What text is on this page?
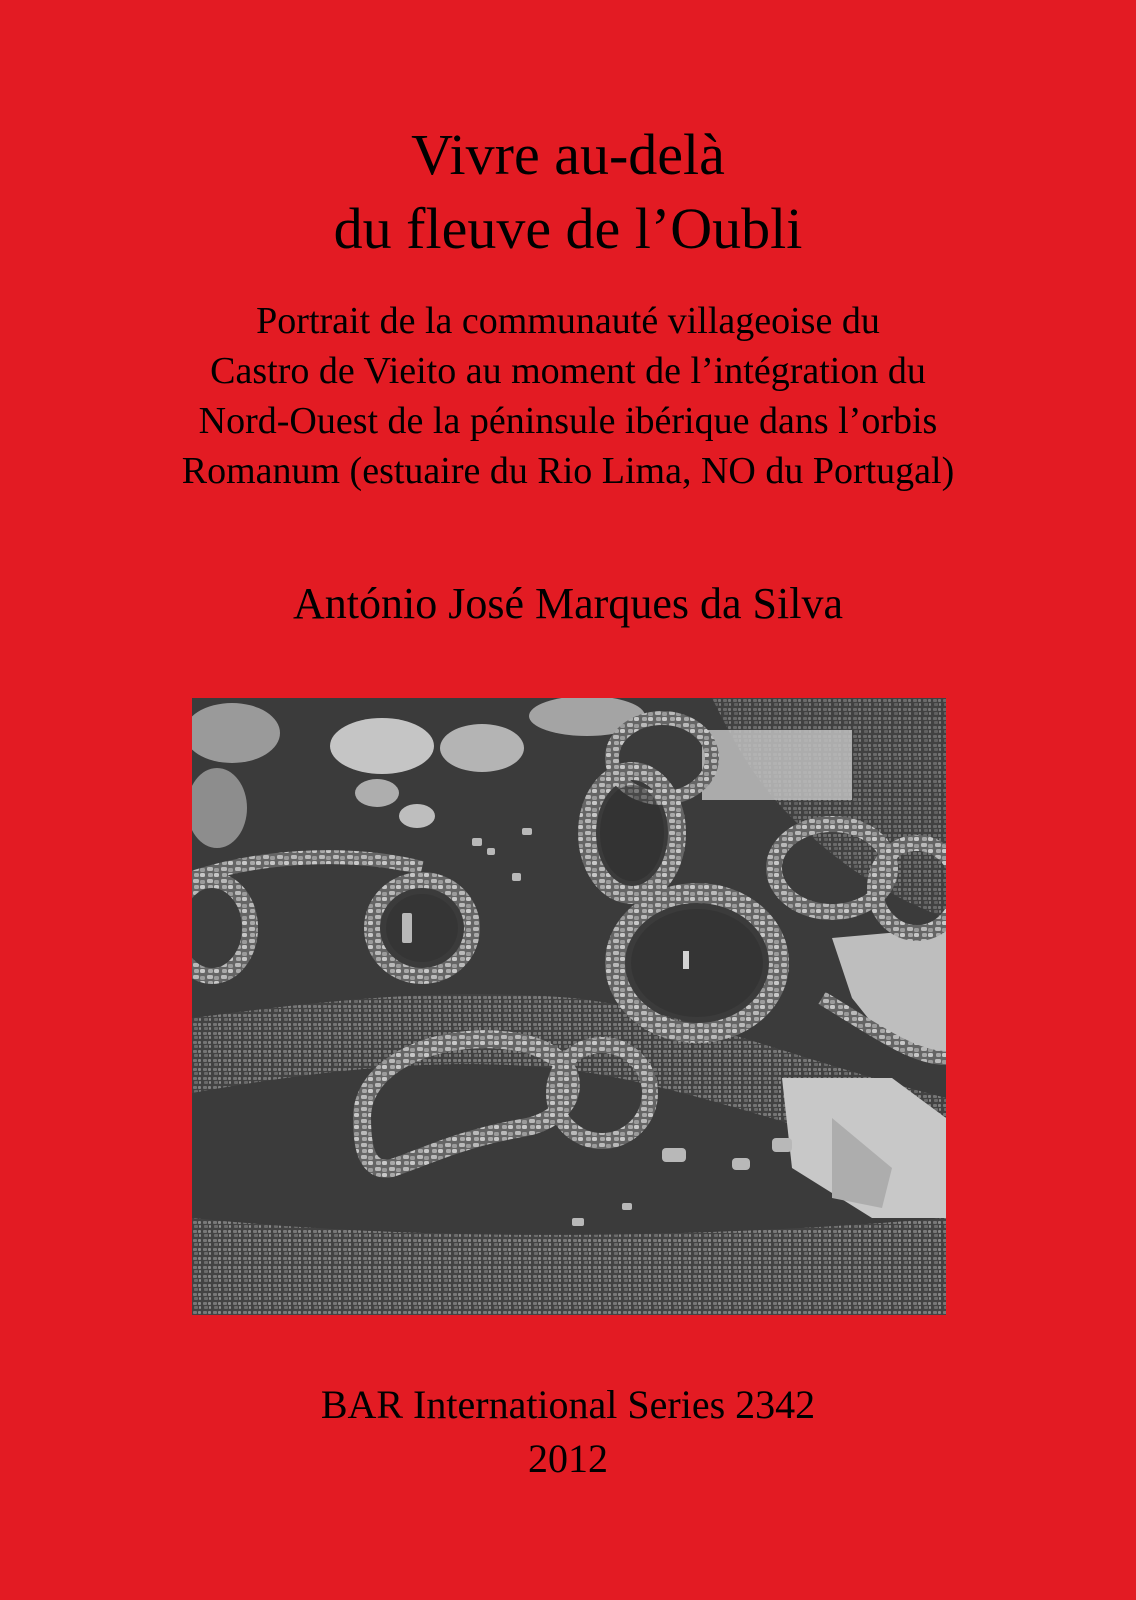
Vivre au-delà
du fleuve de l’Oubli
Portrait de la communauté villageoise du
Castro de Vieito au moment de l’intégration du
Nord-Ouest de la péninsule ibérique dans l’orbis
Romanum (estuaire du Rio Lima, NO du Portugal)
António José Marques da Silva
BAR International Series 2342
2012
